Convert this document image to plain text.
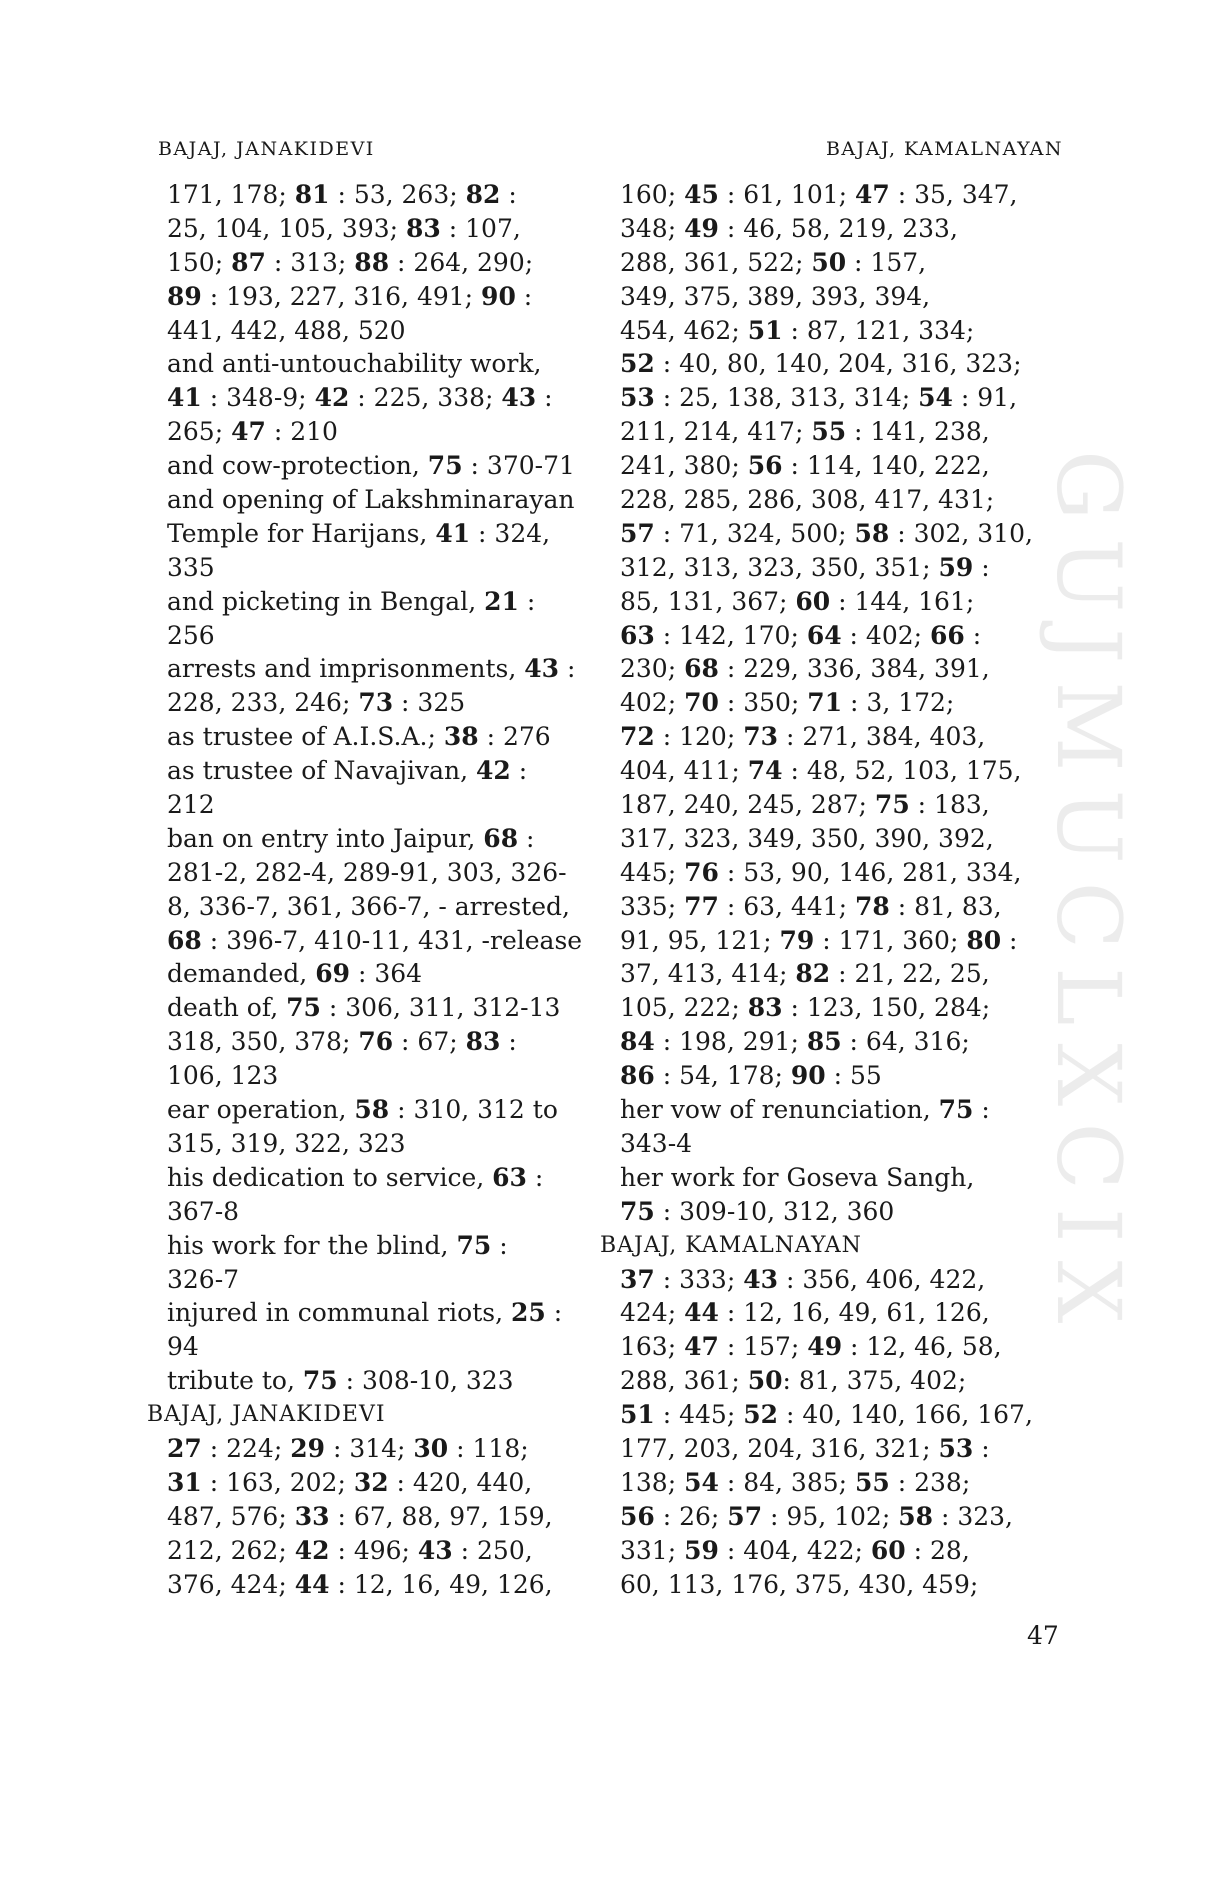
BAJAJ, JANAKIDEVI	BAJAJ, KAMALNAYAN
GUJMUCLXCIX
171, 178; 81 : 53, 263; 82 :
25, 104, 105, 393; 83 : 107,
150; 87 : 313; 88 : 264, 290;
89 : 193, 227, 316, 491; 90 :
441, 442, 488, 520
and anti-untouchability work,
41 : 348-9; 42 : 225, 338; 43 :
265; 47 : 210
and cow-protection, 75 : 370-71
and opening of Lakshminarayan
Temple for Harijans, 41 : 324,
335
and picketing in Bengal, 21 :
256
arrests and imprisonments, 43 :
228, 233, 246; 73 : 325
as trustee of A.I.S.A.; 38 : 276
as trustee of Navajivan, 42 :
212
ban on entry into Jaipur, 68 :
281-2, 282-4, 289-91, 303, 326-
8, 336-7, 361, 366-7, - arrested,
68 : 396-7, 410-11, 431, -release
demanded, 69 : 364
death of, 75 : 306, 311, 312-13
318, 350, 378; 76 : 67; 83 :
106, 123
ear operation, 58 : 310, 312 to
315, 319, 322, 323
his dedication to service, 63 :
367-8
his work for the blind, 75 :
326-7
injured in communal riots, 25 :
94
tribute to, 75 : 308-10, 323
BAJAJ, JANAKIDEVI
27 : 224; 29 : 314; 30 : 118;
31 : 163, 202; 32 : 420, 440,
487, 576; 33 : 67, 88, 97, 159,
212, 262; 42 : 496; 43 : 250,
376, 424; 44 : 12, 16, 49, 126,
160; 45 : 61, 101; 47 : 35, 347,
348; 49 : 46, 58, 219, 233,
288, 361, 522; 50 : 157,
349, 375, 389, 393, 394,
454, 462; 51 : 87, 121, 334;
52 : 40, 80, 140, 204, 316, 323;
53 : 25, 138, 313, 314; 54 : 91,
211, 214, 417; 55 : 141, 238,
241, 380; 56 : 114, 140, 222,
228, 285, 286, 308, 417, 431;
57 : 71, 324, 500; 58 : 302, 310,
312, 313, 323, 350, 351; 59 :
85, 131, 367; 60 : 144, 161;
63 : 142, 170; 64 : 402; 66 :
230; 68 : 229, 336, 384, 391,
402; 70 : 350; 71 : 3, 172;
72 : 120; 73 : 271, 384, 403,
404, 411; 74 : 48, 52, 103, 175,
187, 240, 245, 287; 75 : 183,
317, 323, 349, 350, 390, 392,
445; 76 : 53, 90, 146, 281, 334,
335; 77 : 63, 441; 78 : 81, 83,
91, 95, 121; 79 : 171, 360; 80 :
37, 413, 414; 82 : 21, 22, 25,
105, 222; 83 : 123, 150, 284;
84 : 198, 291; 85 : 64, 316;
86 : 54, 178; 90 : 55
her vow of renunciation, 75 :
343-4
her work for Goseva Sangh,
75 : 309-10, 312, 360
BAJAJ, KAMALNAYAN
37 : 333; 43 : 356, 406, 422,
424; 44 : 12, 16, 49, 61, 126,
163; 47 : 157; 49 : 12, 46, 58,
288, 361; 50: 81, 375, 402;
51 : 445; 52 : 40, 140, 166, 167,
177, 203, 204, 316, 321; 53 :
138; 54 : 84, 385; 55 : 238;
56 : 26; 57 : 95, 102; 58 : 323,
331; 59 : 404, 422; 60 : 28,
60, 113, 176, 375, 430, 459;
47
